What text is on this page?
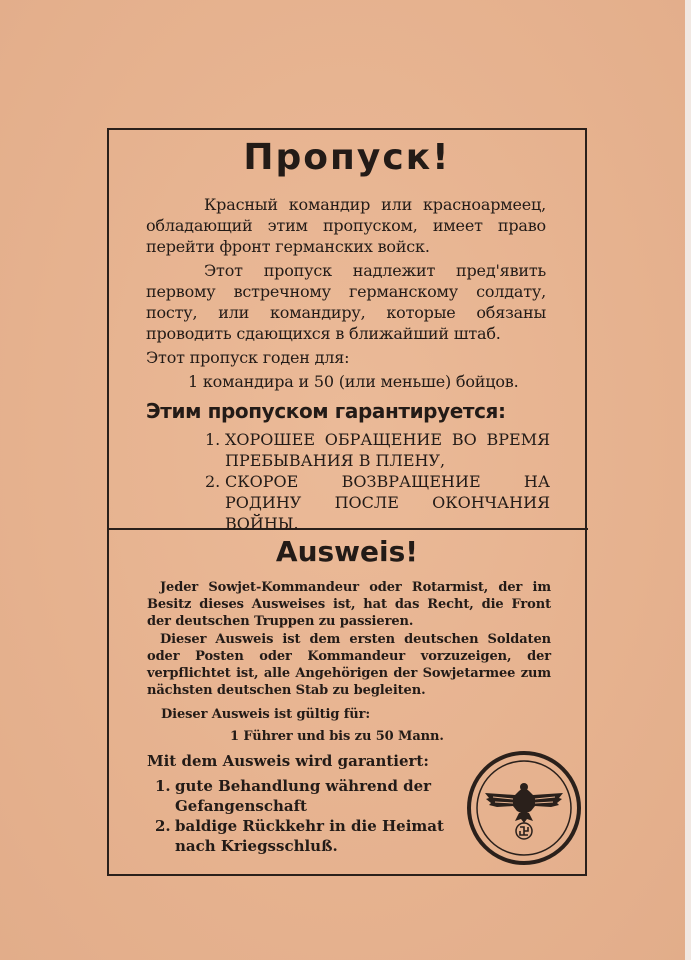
Пропуск!
Красный командир или красноармеец, обладающий этим пропуском, имеет право перейти фронт германских войск.
Этот пропуск надлежит пред'явить первому встречному германскому солдату, посту, или командиру, которые обязаны проводить сдающихся в ближайший штаб.
Этот пропуск годен для:
1 командира и 50 (или меньше) бойцов.
Этим пропуском гарантируется:
1. ХОРОШЕЕ ОБРАЩЕНИЕ ВО ВРЕМЯ ПРЕБЫВАНИЯ В ПЛЕНУ,
2. СКОРОЕ ВОЗВРАЩЕНИЕ НА РОДИНУ ПОСЛЕ ОКОНЧАНИЯ ВОЙНЫ.
Ausweis!
Jeder Sowjet-Kommandeur oder Rotarmist, der im Besitz dieses Ausweises ist, hat das Recht, die Front der deutschen Truppen zu passieren.
Dieser Ausweis ist dem ersten deutschen Soldaten oder Posten oder Kommandeur vorzuzeigen, der verpflichtet ist, alle Angehörigen der Sowjetarmee zum nächsten deutschen Stab zu begleiten.
Dieser Ausweis ist gültig für:
1 Führer und bis zu 50 Mann.
Mit dem Ausweis wird garantiert:
1. gute Behandlung während der Gefangenschaft
2. baldige Rückkehr in die Heimat nach Kriegsschluß.
